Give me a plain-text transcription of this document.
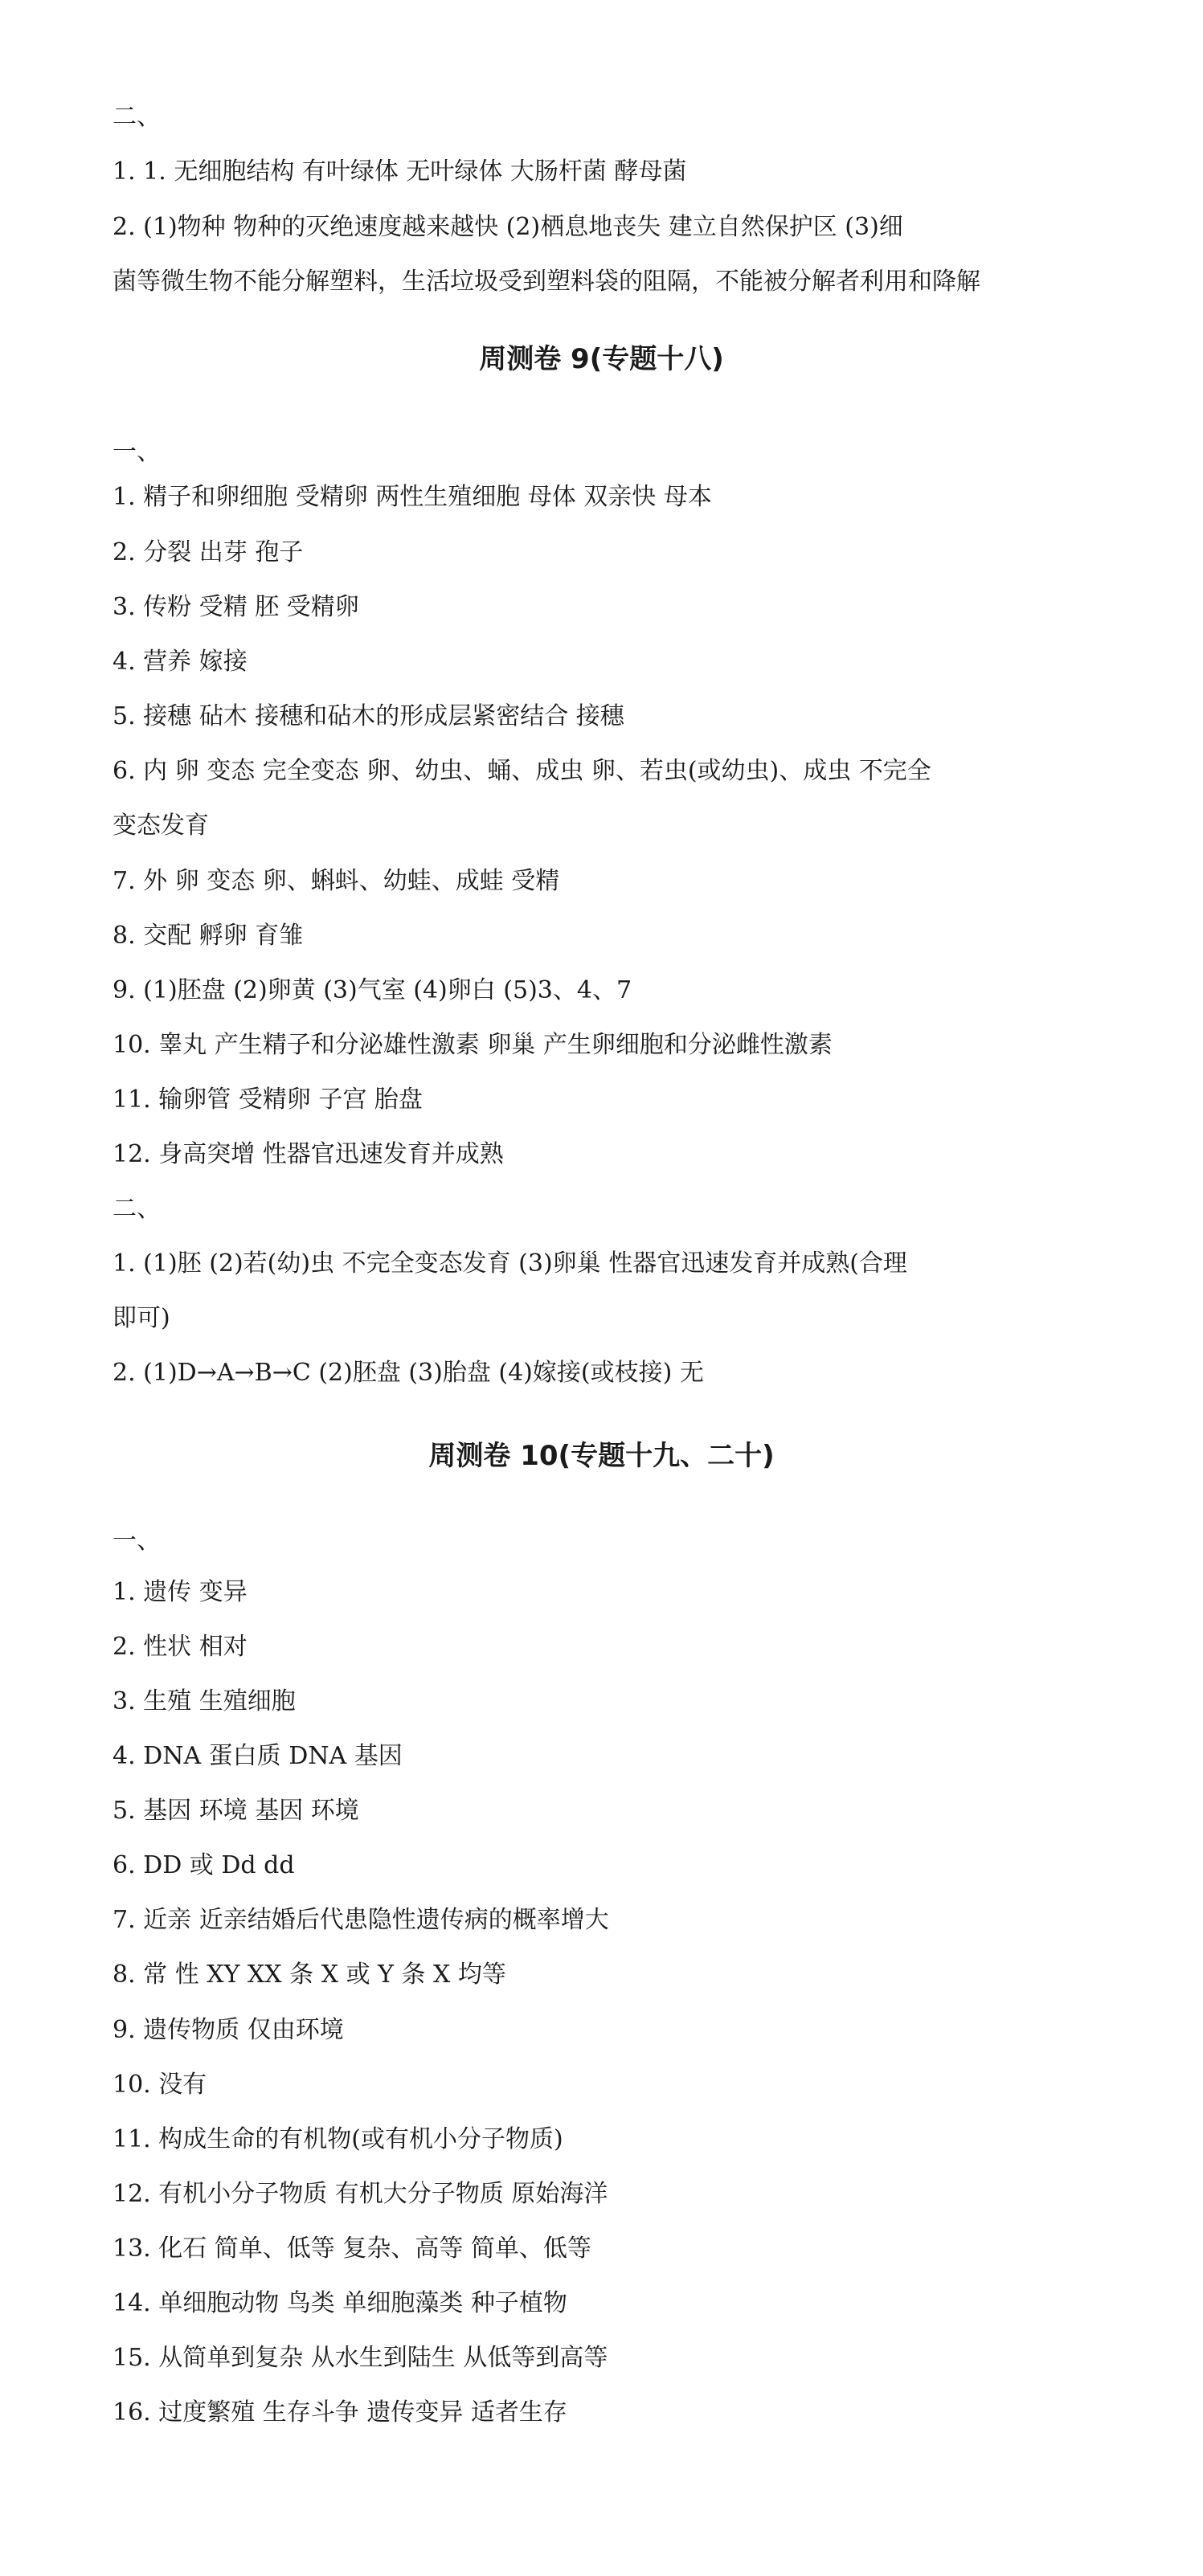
二、
1. 1. 无细胞结构 有叶绿体 无叶绿体 大肠杆菌 酵母菌
2. (1)物种 物种的灭绝速度越来越快 (2)栖息地丧失 建立自然保护区 (3)细
菌等微生物不能分解塑料，生活垃圾受到塑料袋的阻隔，不能被分解者利用和降解
周测卷 9(专题十八)
一、
1. 精子和卵细胞 受精卵 两性生殖细胞 母体 双亲快 母本
2. 分裂 出芽 孢子
3. 传粉 受精 胚 受精卵
4. 营养 嫁接
5. 接穗 砧木 接穗和砧木的形成层紧密结合 接穗
6. 内 卵 变态 完全变态 卵、幼虫、蛹、成虫 卵、若虫(或幼虫)、成虫 不完全
变态发育
7. 外 卵 变态 卵、蝌蚪、幼蛙、成蛙 受精
8. 交配 孵卵 育雏
9. (1)胚盘 (2)卵黄 (3)气室 (4)卵白 (5)3、4、7
10. 睾丸 产生精子和分泌雄性激素 卵巢 产生卵细胞和分泌雌性激素
11. 输卵管 受精卵 子宫 胎盘
12. 身高突增 性器官迅速发育并成熟
二、
1. (1)胚 (2)若(幼)虫 不完全变态发育 (3)卵巢 性器官迅速发育并成熟(合理
即可)
2. (1)D→A→B→C (2)胚盘 (3)胎盘 (4)嫁接(或枝接) 无
周测卷 10(专题十九、二十)
一、
1. 遗传 变异
2. 性状 相对
3. 生殖 生殖细胞
4. DNA 蛋白质 DNA 基因
5. 基因 环境 基因 环境
6. DD 或 Dd dd
7. 近亲 近亲结婚后代患隐性遗传病的概率增大
8. 常 性 XY XX 条 X 或 Y 条 X 均等
9. 遗传物质 仅由环境
10. 没有
11. 构成生命的有机物(或有机小分子物质)
12. 有机小分子物质 有机大分子物质 原始海洋
13. 化石 简单、低等 复杂、高等 简单、低等
14. 单细胞动物 鸟类 单细胞藻类 种子植物
15. 从简单到复杂 从水生到陆生 从低等到高等
16. 过度繁殖 生存斗争 遗传变异 适者生存
